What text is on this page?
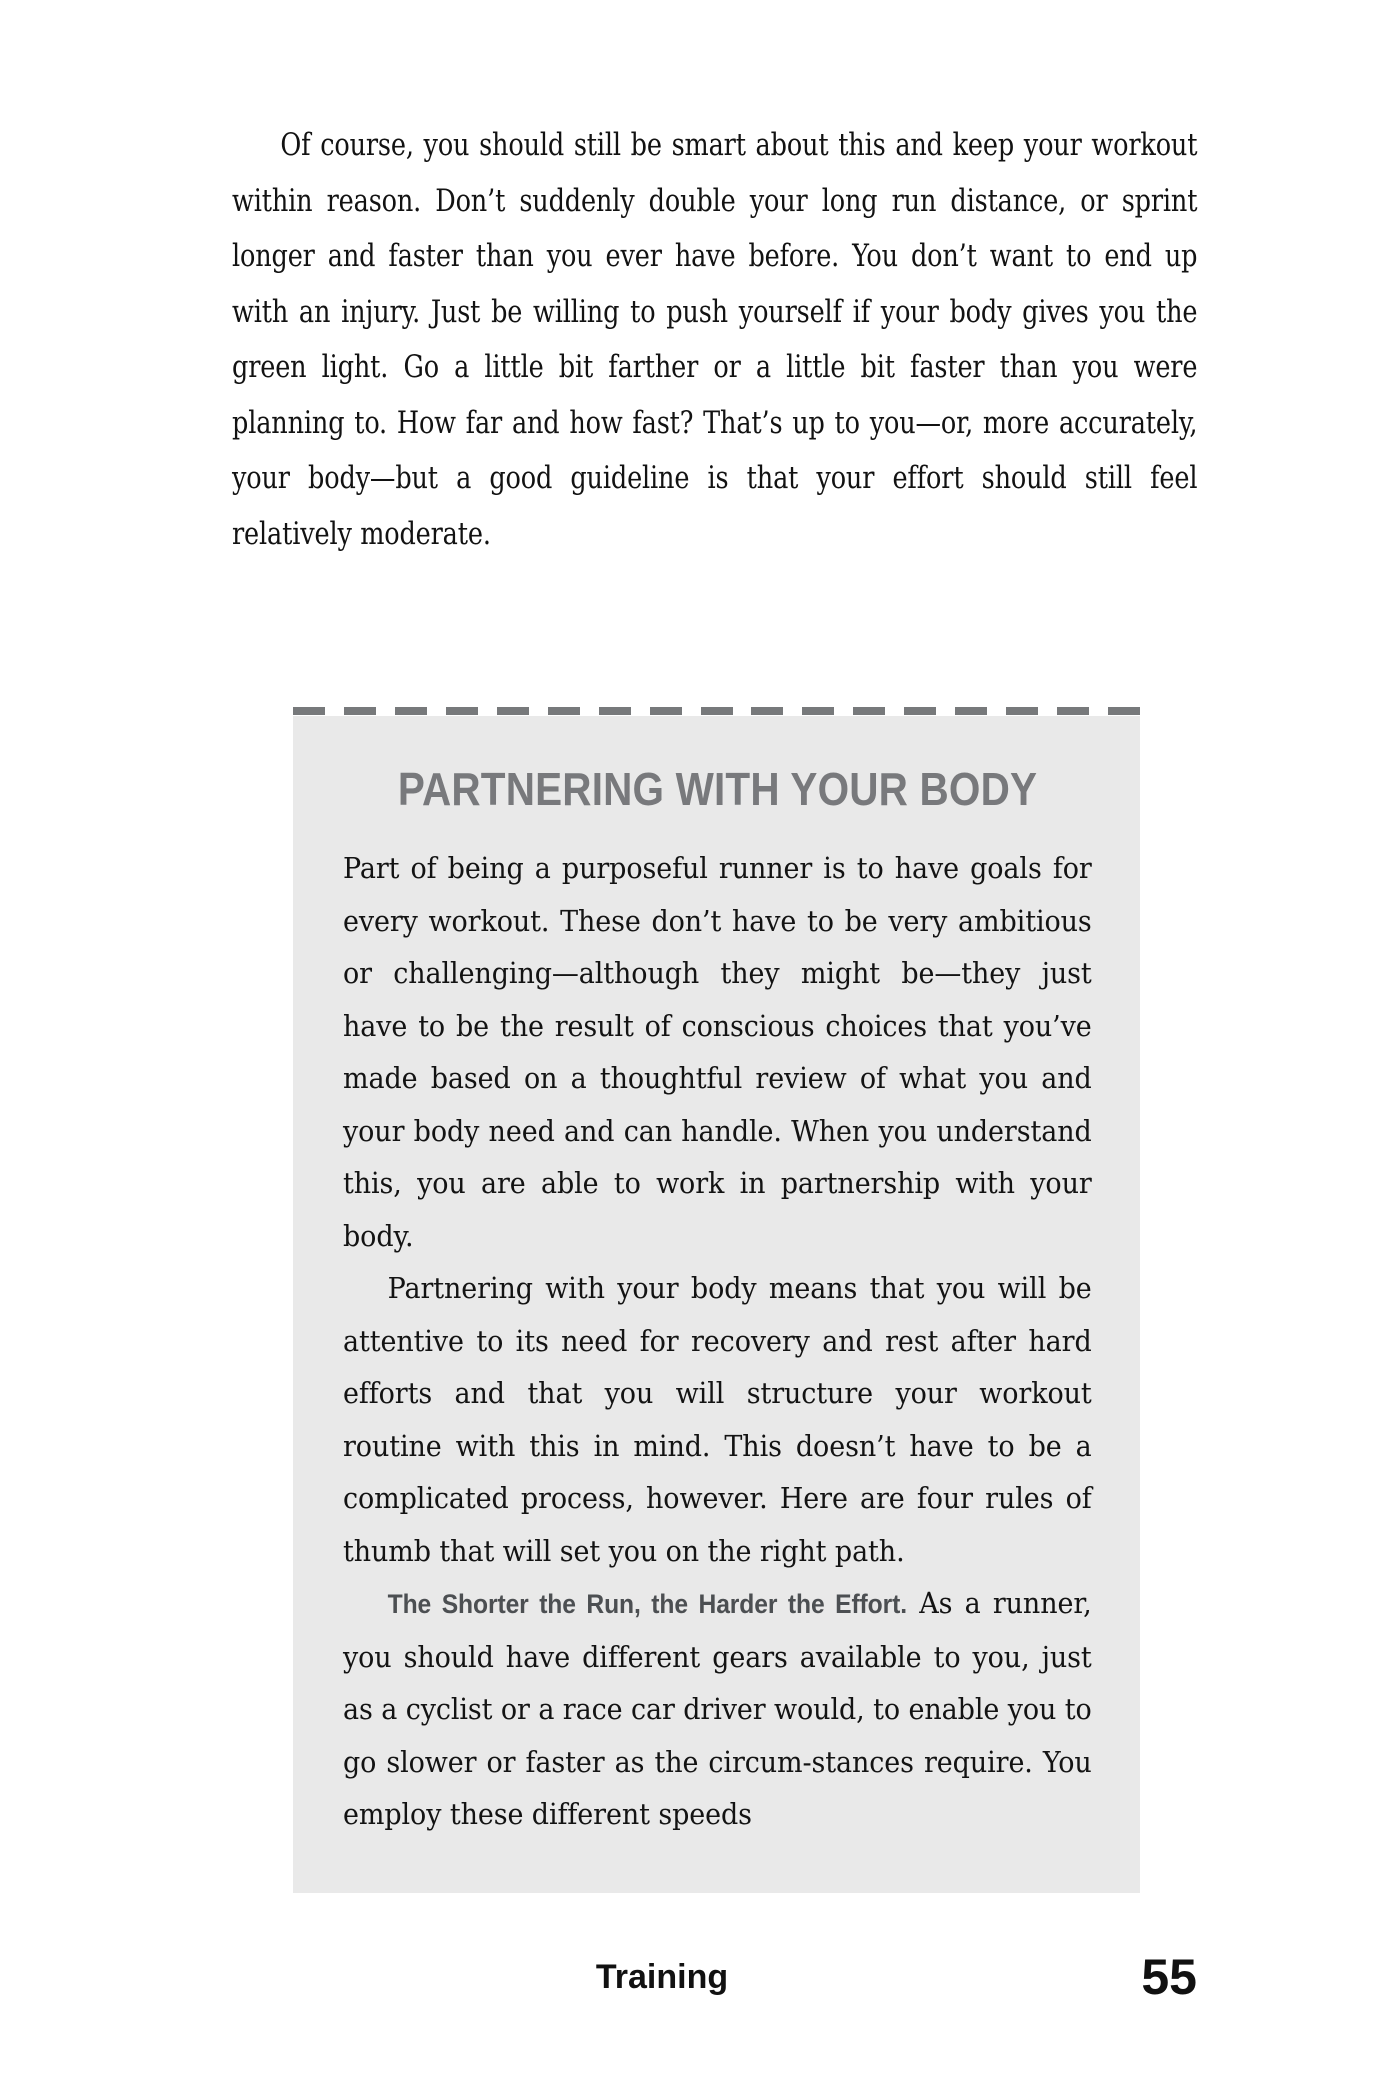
Of course, you should still be smart about this and keep your workout within reason. Don’t suddenly double your long run distance, or sprint longer and faster than you ever have before. You don’t want to end up with an injury. Just be willing to push yourself if your body gives you the green light. Go a little bit farther or a little bit faster than you were planning to. How far and how fast? That’s up to you—or, more accurately, your body—but a good guideline is that your effort should still feel relatively moderate.

PARTNERING WITH YOUR BODY

Part of being a purposeful runner is to have goals for every workout. These don’t have to be very ambitious or challenging—although they might be—they just have to be the result of conscious choices that you’ve made based on a thoughtful review of what you and your body need and can handle. When you understand this, you are able to work in partnership with your body.

Partnering with your body means that you will be attentive to its need for recovery and rest after hard efforts and that you will structure your workout routine with this in mind. This doesn’t have to be a complicated process, however. Here are four rules of thumb that will set you on the right path.

The Shorter the Run, the Harder the Effort. As a runner, you should have different gears available to you, just as a cyclist or a race car driver would, to enable you to go slower or faster as the circum-stances require. You employ these different speeds

Training	55
